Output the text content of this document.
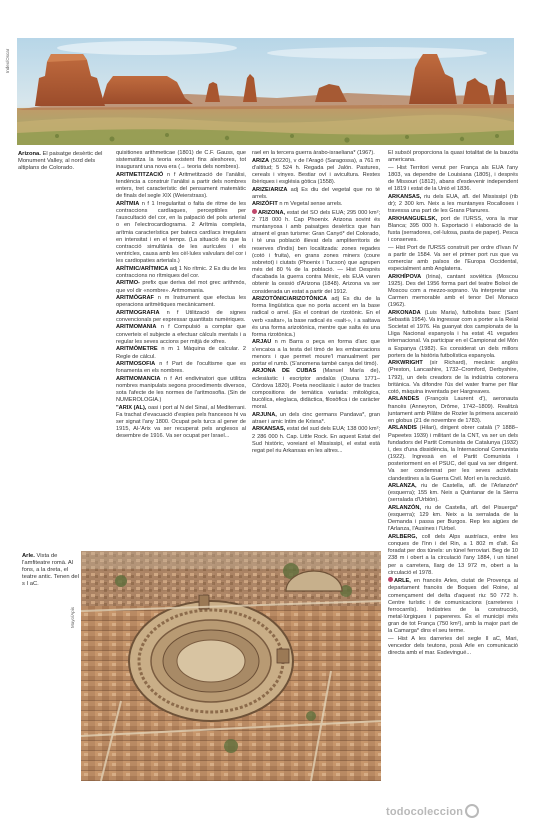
Index/Oscar
Mayo/Apis
Arizona. El paisatge desèrtic del Monument Valley, al nord dels altiplans de Colorado.

quisitiones arithmeticae (1801) de C.F. Gauss, que sistematitza la teoria existent fins aleshores, tot inaugurant una nova era (→ teoria dels nombres).

ARITMETITZACIÓ n f Aritmetització de l'anàlisi, tendència a construir l'anàlisi a partir dels nombres enters, tret característic del pensament matemàtic de finals del segle XIX (Weierstrass).

ARÍTMIA n f 1 Irregularitat o falta de ritme de les contraccions cardíaques, perceptibles per l'auscultació del cor, en la palpació del pols arterial o en l'electrocardiograma. 2 Arítmia completa, arítmia característica per batecs cardíacs irregulars en intensitat i en el temps. (La situació és que la contracció simultània de les aurícules i els ventricles, causa amb les cèl·lules valvulars del cor i les cardiopaties arterials.)

ARÍTMIC/ARÍTMICA adj 1 No rítmic. 2 Es diu de les contraccions no rítmiques del cor.

ARITMO- prefix que deriva del mot grec arithmós, que vol dir «nombre». Aritmomania.

ARITMÒGRAF n m Instrument que efectua les operacions aritmètiques mecànicament.

ARITMOGRAFIA n f Utilització de signes convencionals per expressar quantitats numèriques.

ARITMOMANIA n f Compulsió a comptar que converteix el subjecte a efectuar càlculs mentals i a regular les seves accions per mitjà de xifres.

ARITMÒMETRE n m 1 Màquina de calcular. 2 Regle de càlcul.

ARITMOSOFIA n f Part de l'ocultisme que es fonamenta en els nombres.

ARITMOMANCIA n f Art endivinatori que utilitza nombres manipulats segons procediments diversos, sota l'afecte de les normes de l'aritmosofia. (Sin de NUMEROLOGIA.)

"ARIX (AL), oasi i port al N del Sinaí, al Mediterrani. Fa trachat d'evacuació d'espies pels francesos hi va ser signat l'any 1800. Ocupat pels turcs al gener de 1915, Al-'Arix va ser recuperat pels anglesos al desembre de 1916. Va ser ocupat per Israel...

rael en la tercera guerra àrabo-israeliana* (1967).

ARIZA (50220), v de l'Aragó (Saragossa), a 761 m d'altitud; 5 524 h. Regada pel Jalón. Pastures, cereals i vinyes. Bestiar oví i avicultura. Restes ibèriques i església gòtica (1558).

ARIZE/ARIZA adj Es diu del vegetal que no té arrels.

ARIZÒFIT n m Vegetal sense arrels.

ARIZONA, estat del SO dels EUA; 295 000 km²; 2 718 000 h. Cap Phoenix. Arizona sovint és muntanyosa i amb paisatges desèrtics que han atraent el gran turisme: Gran Canyó* del Colorado, i té una població illevat dels ampliterritoris de reserves d'indis) ben localitzada: zones regades (cotó i fruita), en grans zones miners (coure sobretot) i ciutats (Phoenix i Tucson) que agrupen més del 80 % de la població. — Hist Després d'acabada la guerra contra Mèxic, els EUA varen obtenir la cessió d'Arizona (1848). Arizona va ser considerada un estat a partir del 1912.

ARIZOTÒNIC/ARIZOTÒNICA adj Es diu de la forma lingüística que no porta accent en la base radical o arrel. (Es el contrari de rizotònic. En el verb «saltar», la base radical és «salt-», i a saltava és una forma arizotònica, mentre que salta és una forma rizotònica.)

ARJAU n m Barra o peça en forma d'arc que s'encaixa a la testa del timó de les embarcacions menors i que permet moure'l manualment per portar el rumb. (S'anomena també canya del timó).

ARJONA DE CUBAS (Manuel María de), eclesiàstic i escriptor andalús (Osuna 1771–Córdova 1820). Poeta neoclàssic i autor de tractes compositions de temàtica variada: mitològica, bucòlica, elegíaca, didàctica, filosòfica i de caràcter moral.

ARJUNA, un dels cinc germans Pandava*, gran atraer i amic íntim de Krixna*.

ARKANSAS, estat del sud dels EUA; 138 000 km²; 2 286 000 h. Cap. Little Rock. En aquest Estat del Sud històric, voreiant el Mississipí, el estat està regat pel riu Arkansas en les altres...

El subsòl proporciona la quasi totalitat de la bauxita americana.

— Hist Territori venut per França als EUA l'any 1803, va dependre de Louisiana (1805), i després de Missouri (1812), abans d'esdevenir independent el 1819 i estat de la Unió el 1836.

ARKANSAS, riu dels EUA, afl. del Mississipí (rib dr); 2 300 km. Neix a les muntanyes Rocalloses i travessa una part de les Grans Planures.

ARKHANGUELSK, port de l'URSS, vora la mar Blanca; 395 000 h. Exportació i elaboració de la fusta (serradores, cel·lulosa, pasta de paper). Pesca i conserves.

— Hist Port de l'URSS construït per ordre d'Ivan IV a partir de 1584. Va ser el primer port rus que va comerciar amb països de l'Europa Occidental, especialment amb Anglaterra.

ARKHÍPOVA (Irina), cantant soviètica (Moscou 1925). Des del 1956 forma part del teatre Bolxoi de Moscou com a mezzo-soprano. Va interpretar una Carmen memorable amb el tenor Del Monaco (1962).

ARKONADA (Luis Maria), futbolista basc (Sant Sebastià 1954). Va ingressar com a porter a la Reial Societat el 1976. Ha guanyat dos campionats de la Lliga Nacional espanyola i ha estat 41 vegades internacional. Va participar en el Campionat del Món a Espanya (1982). Es considerat un dels millors porters de la història futbolística espanyola.

ARKWRIGHT (sir Richard), mecànic anglès (Preston, Lancashire, 1732–Cromford, Derbyshire, 1792), un dels creadors de la indústria cotonera britànica. Va difondre l'ús del water frame per filar cotó, màquina inventada per Hargreaves.

ARLANDES (François Laurent d'), aeronauta francès (Anneyron, Drôme, 1742–1809). Realitzà juntament amb Pilâtre de Rozier la primera ascensió en globus (21 de novembre de 1783).

ARLANDIS (Hilari), dirigent obrer català (? 1888–Papeetes 1939) i militant de la CNT, va ser un dels fundadors del Partit Comunista de Catalunya (1932) i, des d'una dissidència, la Internacional Comunista (1922). Ingressà en el Partit Comunista i posteriorment en el PSUC, del qual va ser dirigent. Va ser condemnat per les seves activitats clandestines a la Guerra Civil. Morí en la reclusió.

ARLANZA, riu de Castella, afl. de l'Arlanzón* (esquerra); 155 km. Neix a Quintanar de la Sierra (serralada d'Urbión).

ARLANZÓN, riu de Castella, afl. del Pisuerga* (esquerra); 129 km. Neix a la serralada de la Demanda i passa per Burgos. Rep les aigües de l'Arlanza, l'Ausines i l'Urbel.

ARLBERG, coll dels Alps austríacs, entre les conques de l'Inn i del Rin, a 1 802 m d'alt. És foradat per dos túnels: un túnel ferroviari. Beg de 10 238 m i obert a la circulació l'any 1884, i un túnel per a carretera, llarg de 13 972 m, obert a la circulació el 1978.

ARLE, en francès Arles, ciutat de Provença al departament francès de Boques del Roine, al començament del delta d'aquest riu: 50 772 h. Centre turístic i de comunicacions (carreteres i ferrocarrils). Indústries de la construcció, metal·lúrgiques i papereres. És el municipi més gran de tot França (750 km²), amb la major part de la Camarga* dins el seu terme.

— Hist A les darreries del segle II aC, Mari, vencedor dels teutons, posà Arle en comunicació directa amb el mar. Esdevingué...

Arle. Vista de l'amfiteatre romà. Al fons, a la dreta, el teatre antic. Tenen del s I aC.
todocoleccion
